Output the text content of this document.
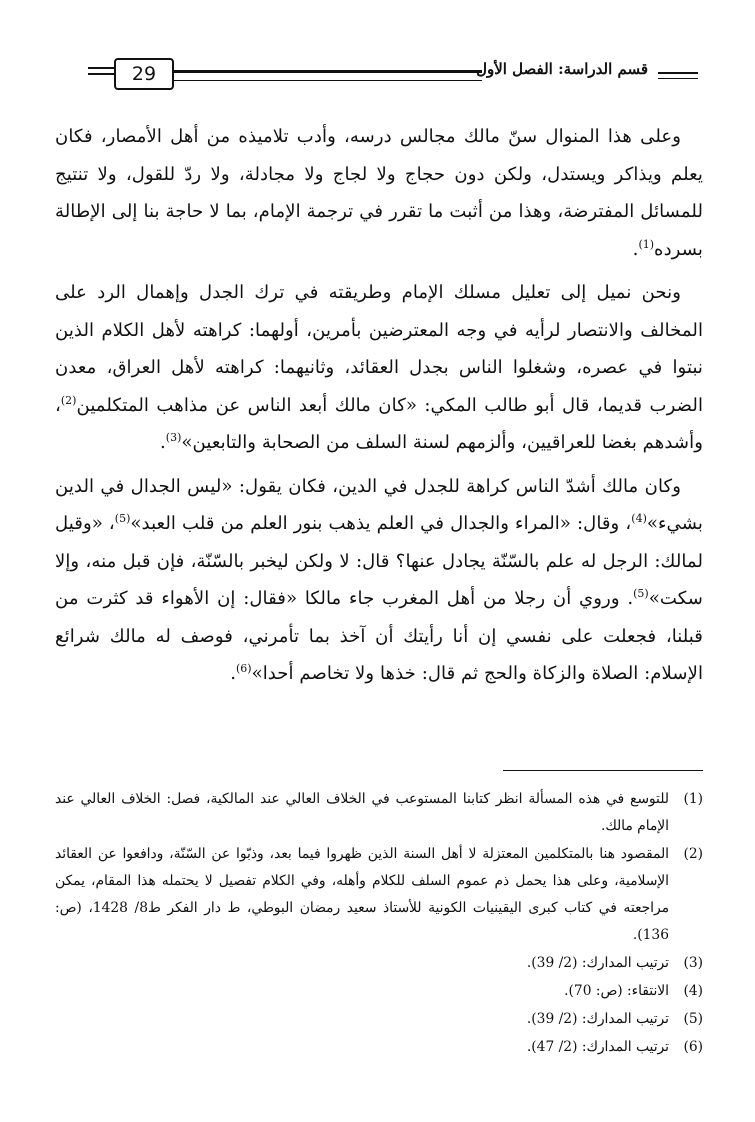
29	قسم الدراسة: الفصل الأول

وعلى هذا المنوال سنّ مالك مجالس درسه، وأدب تلاميذه من أهل الأمصار، فكان يعلم ويذاكر ويستدل، ولكن دون حجاج ولا لجاج ولا مجادلة، ولا ردّ للقول، ولا تنتيج للمسائل المفترضة، وهذا من أثبت ما تقرر في ترجمة الإمام، بما لا حاجة بنا إلى الإطالة بسرده$^{(1)}$.

ونحن نميل إلى تعليل مسلك الإمام وطريقته في ترك الجدل وإهمال الرد على المخالف والانتصار لرأيه في وجه المعترضين بأمرين، أولهما: كراهته لأهل الكلام الذين نبتوا في عصره، وشغلوا الناس بجدل العقائد، وثانيهما: كراهته لأهل العراق، معدن الضرب قديما، قال أبو طالب المكي: «كان مالك أبعد الناس عن مذاهب المتكلمين$^{(2)}$، وأشدهم بغضا للعراقيين، وألزمهم لسنة السلف من الصحابة والتابعين»$^{(3)}$.

وكان مالك أشدّ الناس كراهة للجدل في الدين، فكان يقول: «ليس الجدال في الدين بشيء»$^{(4)}$، وقال: «المراء والجدال في العلم يذهب بنور العلم من قلب العبد»$^{(5)}$، «وقيل لمالك: الرجل له علم بالسّنّة يجادل عنها؟ قال: لا ولكن ليخبر بالسّنّة، فإن قبل منه، وإلا سكت»$^{(5)}$. وروي أن رجلا من أهل المغرب جاء مالكا «فقال: إن الأهواء قد كثرت من قبلنا، فجعلت على نفسي إن أنا رأيتك أن آخذ بما تأمرني، فوصف له مالك شرائع الإسلام: الصلاة والزكاة والحج ثم قال: خذها ولا تخاصم أحدا»$^{(6)}$.

(1)
للتوسع في هذه المسألة انظر كتابنا المستوعب في الخلاف العالي عند المالكية، فصل: الخلاف العالي عند الإمام مالك.
(2)
المقصود هنا بالمتكلمين المعتزلة لا أهل السنة الذين ظهروا فيما بعد، وذبّوا عن السّنّة، ودافعوا عن العقائد الإسلامية، وعلى هذا يحمل ذم عموم السلف للكلام وأهله، وفي الكلام تفصيل لا يحتمله هذا المقام، يمكن مراجعته في كتاب كبرى اليقينيات الكونية للأستاذ سعيد رمضان البوطي، ط دار الفكر ط8/ 1428، (ص: 136).
(3)
ترتيب المدارك: (2/ 39).
(4)
الانتقاء: (ص: 70).
(5)
ترتيب المدارك: (2/ 39).
(6)
ترتيب المدارك: (2/ 47).
